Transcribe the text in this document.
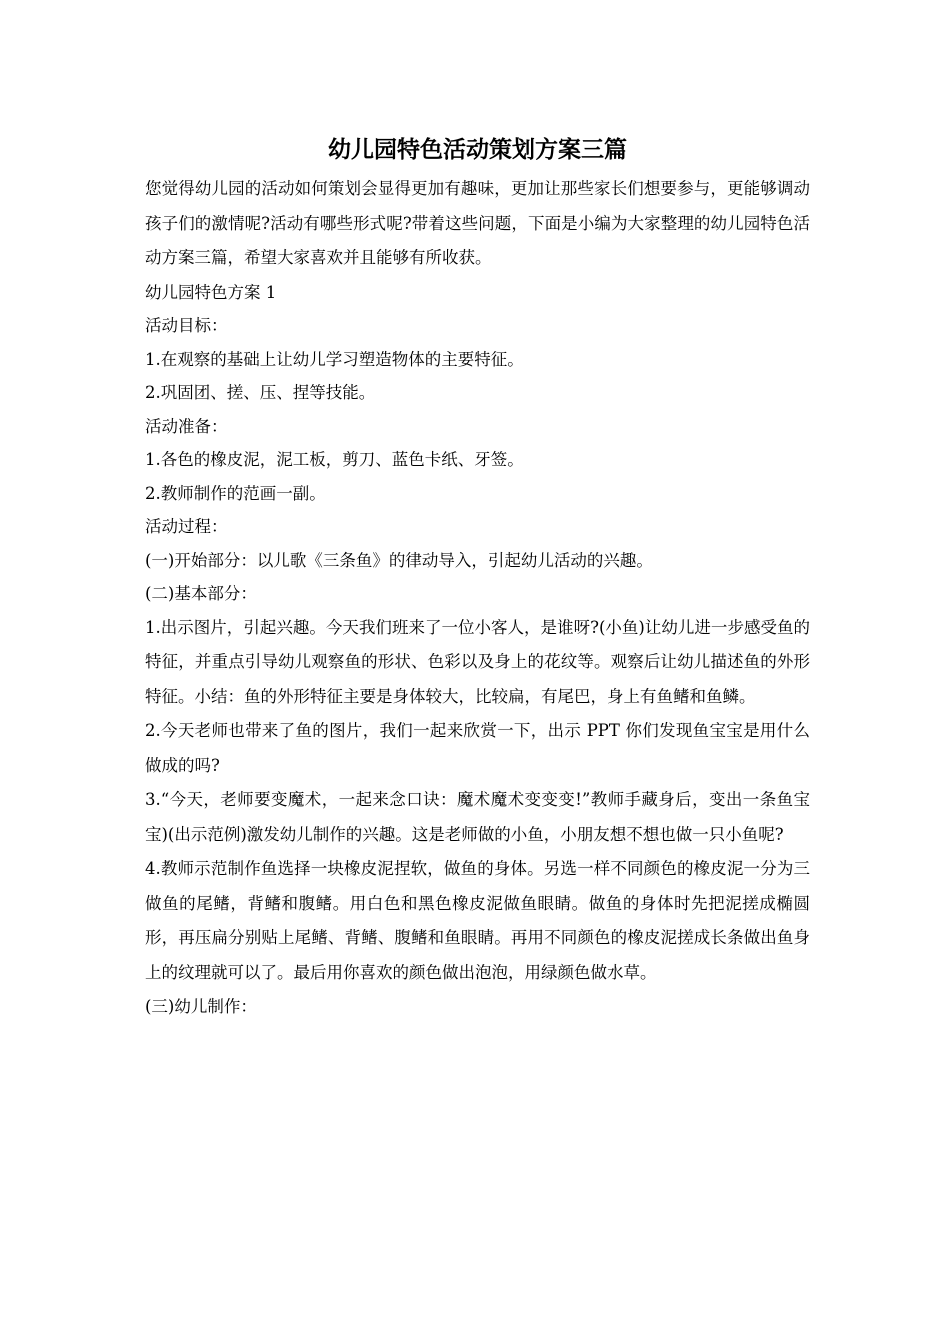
幼儿园特色活动策划方案三篇

您觉得幼儿园的活动如何策划会显得更加有趣味，更加让那些家长们想要参与，更能够调动孩子们的激情呢?活动有哪些形式呢?带着这些问题，下面是小编为大家整理的幼儿园特色活动方案三篇，希望大家喜欢并且能够有所收获。

幼儿园特色方案 1

活动目标：

1.在观察的基础上让幼儿学习塑造物体的主要特征。

2.巩固团、搓、压、捏等技能。

活动准备：

1.各色的橡皮泥，泥工板，剪刀、蓝色卡纸、牙签。

2.教师制作的范画一副。

活动过程：

(一)开始部分：以儿歌《三条鱼》的律动导入，引起幼儿活动的兴趣。

(二)基本部分：

1.出示图片，引起兴趣。今天我们班来了一位小客人，是谁呀?(小鱼)让幼儿进一步感受鱼的特征，并重点引导幼儿观察鱼的形状、色彩以及身上的花纹等。观察后让幼儿描述鱼的外形特征。小结：鱼的外形特征主要是身体较大，比较扁，有尾巴，身上有鱼鳍和鱼鳞。

2.今天老师也带来了鱼的图片，我们一起来欣赏一下，出示 PPT 你们发现鱼宝宝是用什么做成的吗?

3.“今天，老师要变魔术，一起来念口诀：魔术魔术变变变!”教师手藏身后，变出一条鱼宝宝)(出示范例)激发幼儿制作的兴趣。这是老师做的小鱼，小朋友想不想也做一只小鱼呢?

4.教师示范制作鱼选择一块橡皮泥捏软，做鱼的身体。另选一样不同颜色的橡皮泥一分为三做鱼的尾鳍，背鳍和腹鳍。用白色和黑色橡皮泥做鱼眼睛。做鱼的身体时先把泥搓成椭圆形，再压扁分别贴上尾鳍、背鳍、腹鳍和鱼眼睛。再用不同颜色的橡皮泥搓成长条做出鱼身上的纹理就可以了。最后用你喜欢的颜色做出泡泡，用绿颜色做水草。

(三)幼儿制作：
